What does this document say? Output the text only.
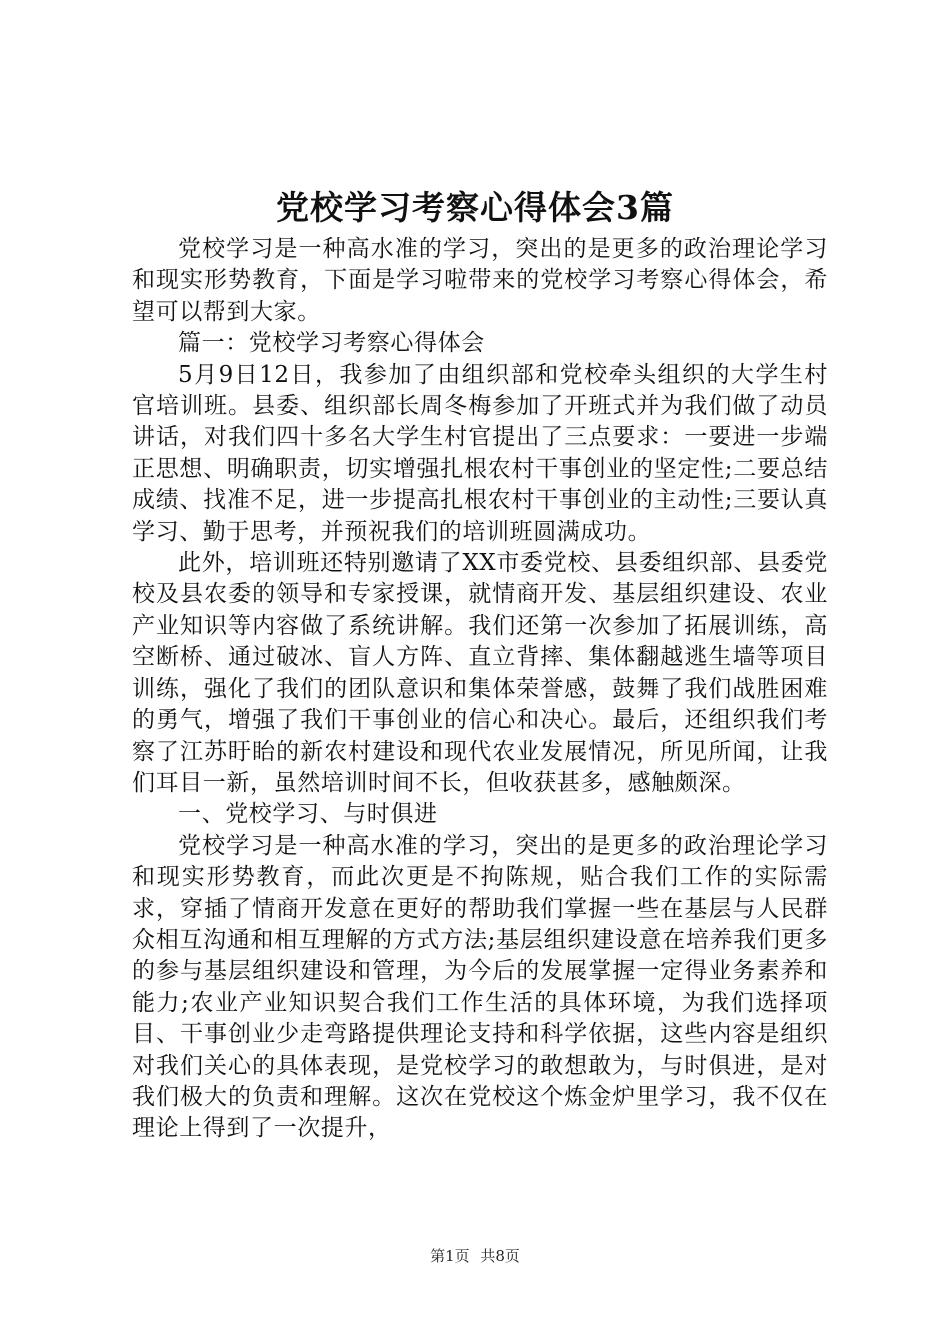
党校学习考察心得体会3篇

党校学习是一种高水准的学习，突出的是更多的政治理论学习和现实形势教育，下面是学习啦带来的党校学习考察心得体会，希望可以帮到大家。

篇一：党校学习考察心得体会

5月9日12日，我参加了由组织部和党校牵头组织的大学生村官培训班。县委、组织部长周冬梅参加了开班式并为我们做了动员讲话，对我们四十多名大学生村官提出了三点要求：一要进一步端正思想、明确职责，切实增强扎根农村干事创业的坚定性;二要总结成绩、找准不足，进一步提高扎根农村干事创业的主动性;三要认真学习、勤于思考，并预祝我们的培训班圆满成功。

此外，培训班还特别邀请了XX市委党校、县委组织部、县委党校及县农委的领导和专家授课，就情商开发、基层组织建设、农业产业知识等内容做了系统讲解。我们还第一次参加了拓展训练，高空断桥、通过破冰、盲人方阵、直立背摔、集体翻越逃生墙等项目训练，强化了我们的团队意识和集体荣誉感，鼓舞了我们战胜困难的勇气，增强了我们干事创业的信心和决心。最后，还组织我们考察了江苏盱眙的新农村建设和现代农业发展情况，所见所闻，让我们耳目一新，虽然培训时间不长，但收获甚多，感触颇深。

一、党校学习、与时俱进

党校学习是一种高水准的学习，突出的是更多的政治理论学习和现实形势教育，而此次更是不拘陈规，贴合我们工作的实际需求，穿插了情商开发意在更好的帮助我们掌握一些在基层与人民群众相互沟通和相互理解的方式方法;基层组织建设意在培养我们更多的参与基层组织建设和管理，为今后的发展掌握一定得业务素养和能力;农业产业知识契合我们工作生活的具体环境，为我们选择项目、干事创业少走弯路提供理论支持和科学依据，这些内容是组织对我们关心的具体表现，是党校学习的敢想敢为，与时俱进，是对我们极大的负责和理解。这次在党校这个炼金炉里学习，我不仅在理论上得到了一次提升，

第1页 共8页
